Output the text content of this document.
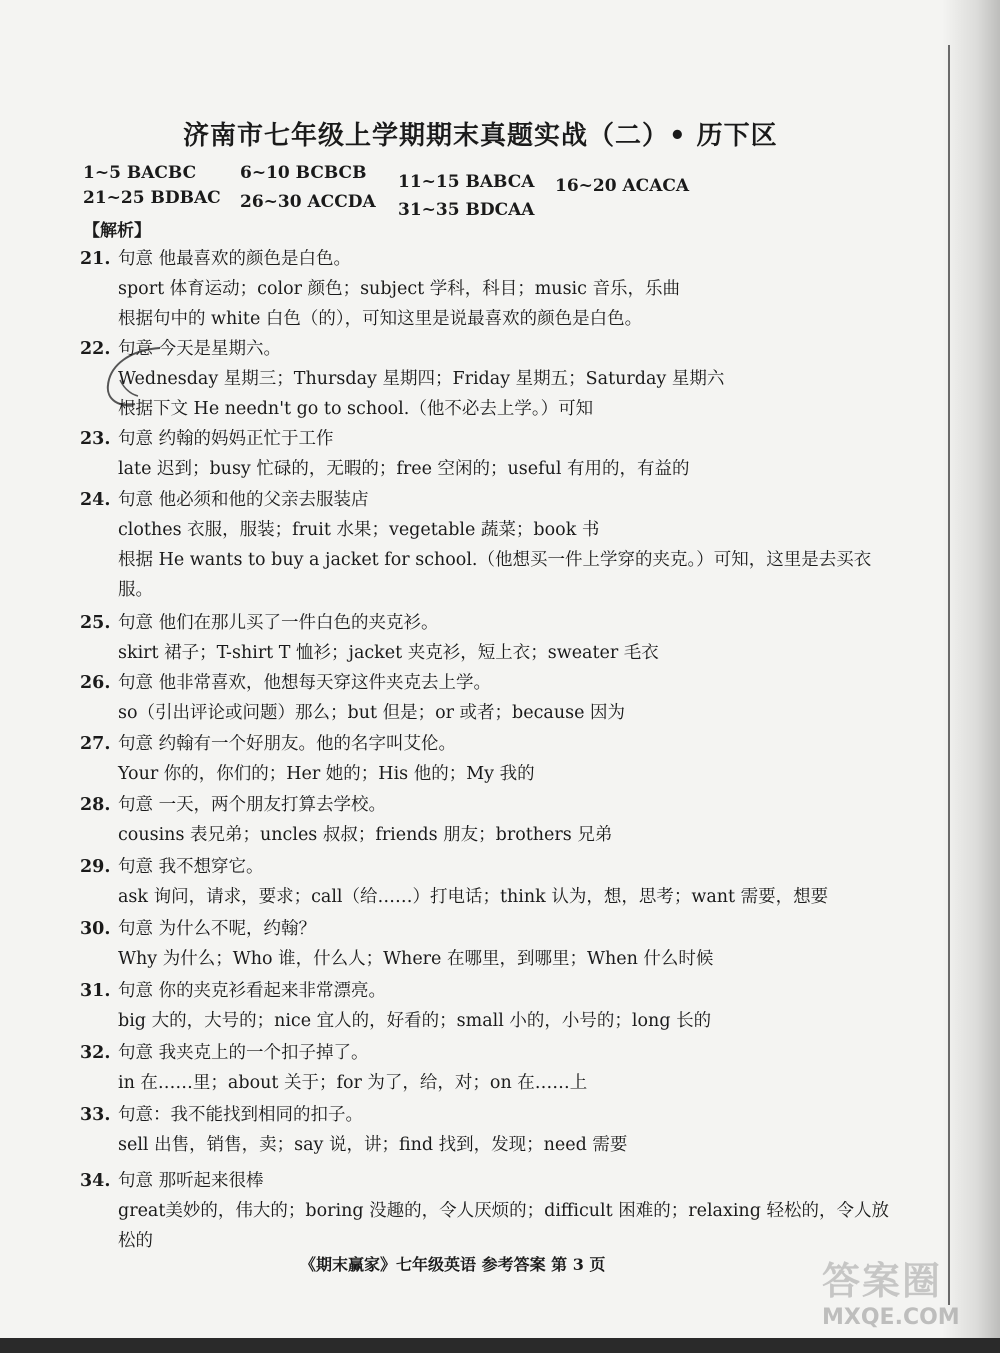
济南市七年级上学期期末真题实战（二）• 历下区
1~5 BACBC	6~10 BCBCB 11~15 BABCA 16~20 ACACA
21~25 BDBAC 26~30 ACCDA 31~35 BDCAA
【解析】
21. 句意 他最喜欢的颜色是白色。
sport 体育运动；color 颜色；subject 学科，科目；music 音乐，乐曲
根据句中的 white 白色（的），可知这里是说最喜欢的颜色是白色。
22. 句意 今天是星期六。
Wednesday 星期三；Thursday 星期四；Friday 星期五；Saturday 星期六
根据下文 He needn't go to school.（他不必去上学。）可知
23. 句意 约翰的妈妈正忙于工作
late 迟到；busy 忙碌的，无暇的；free 空闲的；useful 有用的，有益的
24. 句意 他必须和他的父亲去服装店
clothes 衣服，服装；fruit 水果；vegetable 蔬菜；book 书
根据 He wants to buy a jacket for school.（他想买一件上学穿的夹克。）可知，这里是去买衣服。
25. 句意 他们在那儿买了一件白色的夹克衫。
skirt 裙子；T-shirt T 恤衫；jacket 夹克衫，短上衣；sweater 毛衣
26. 句意 他非常喜欢，他想每天穿这件夹克去上学。
so（引出评论或问题）那么；but 但是；or 或者；because 因为
27. 句意 约翰有一个好朋友。他的名字叫艾伦。
Your 你的，你们的；Her 她的；His 他的；My 我的
28. 句意 一天，两个朋友打算去学校。
cousins 表兄弟；uncles 叔叔；friends 朋友；brothers 兄弟
29. 句意 我不想穿它。
ask 询问，请求，要求；call（给……）打电话；think 认为，想，思考；want 需要，想要
30. 句意 为什么不呢，约翰？
Why 为什么；Who 谁，什么人；Where 在哪里，到哪里；When 什么时候
31. 句意 你的夹克衫看起来非常漂亮。
big 大的，大号的；nice 宜人的，好看的；small 小的，小号的；long 长的
32. 句意 我夹克上的一个扣子掉了。
in 在……里；about 关于；for 为了，给，对；on 在……上
33. 句意：我不能找到相同的扣子。
sell 出售，销售，卖；say 说，讲；find 找到，发现；need 需要
34. 句意 那听起来很棒
great美妙的，伟大的；boring 没趣的，令人厌烦的；difficult 困难的；relaxing 轻松的，令人放松的
《期末赢家》七年级英语 参考答案 第 3 页	答案圈
MXQE.COM
